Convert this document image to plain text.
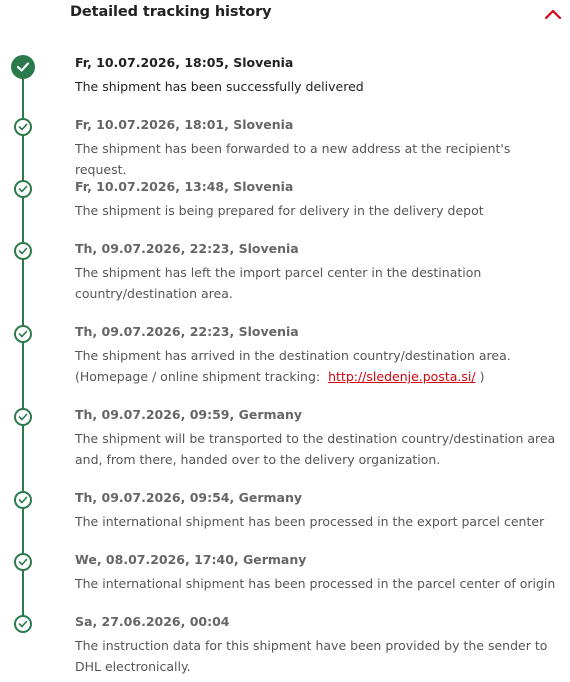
Detailed tracking history
Fr, 10.07.2026, 18:05, Slovenia
The shipment has been successfully delivered
Fr, 10.07.2026, 18:01, Slovenia
The shipment has been forwarded to a new address at the recipient's request.
Fr, 10.07.2026, 13:48, Slovenia
The shipment is being prepared for delivery in the delivery depot
Th, 09.07.2026, 22:23, Slovenia
The shipment has left the import parcel center in the destination country/destination area.
Th, 09.07.2026, 22:23, Slovenia
The shipment has arrived in the destination country/destination area.
(Homepage / online shipment tracking: http://sledenje.posta.si/ )
Th, 09.07.2026, 09:59, Germany
The shipment will be transported to the destination country/destination area and, from there, handed over to the delivery organization.
Th, 09.07.2026, 09:54, Germany
The international shipment has been processed in the export parcel center
We, 08.07.2026, 17:40, Germany
The international shipment has been processed in the parcel center of origin
Sa, 27.06.2026, 00:04
The instruction data for this shipment have been provided by the sender to DHL electronically.
